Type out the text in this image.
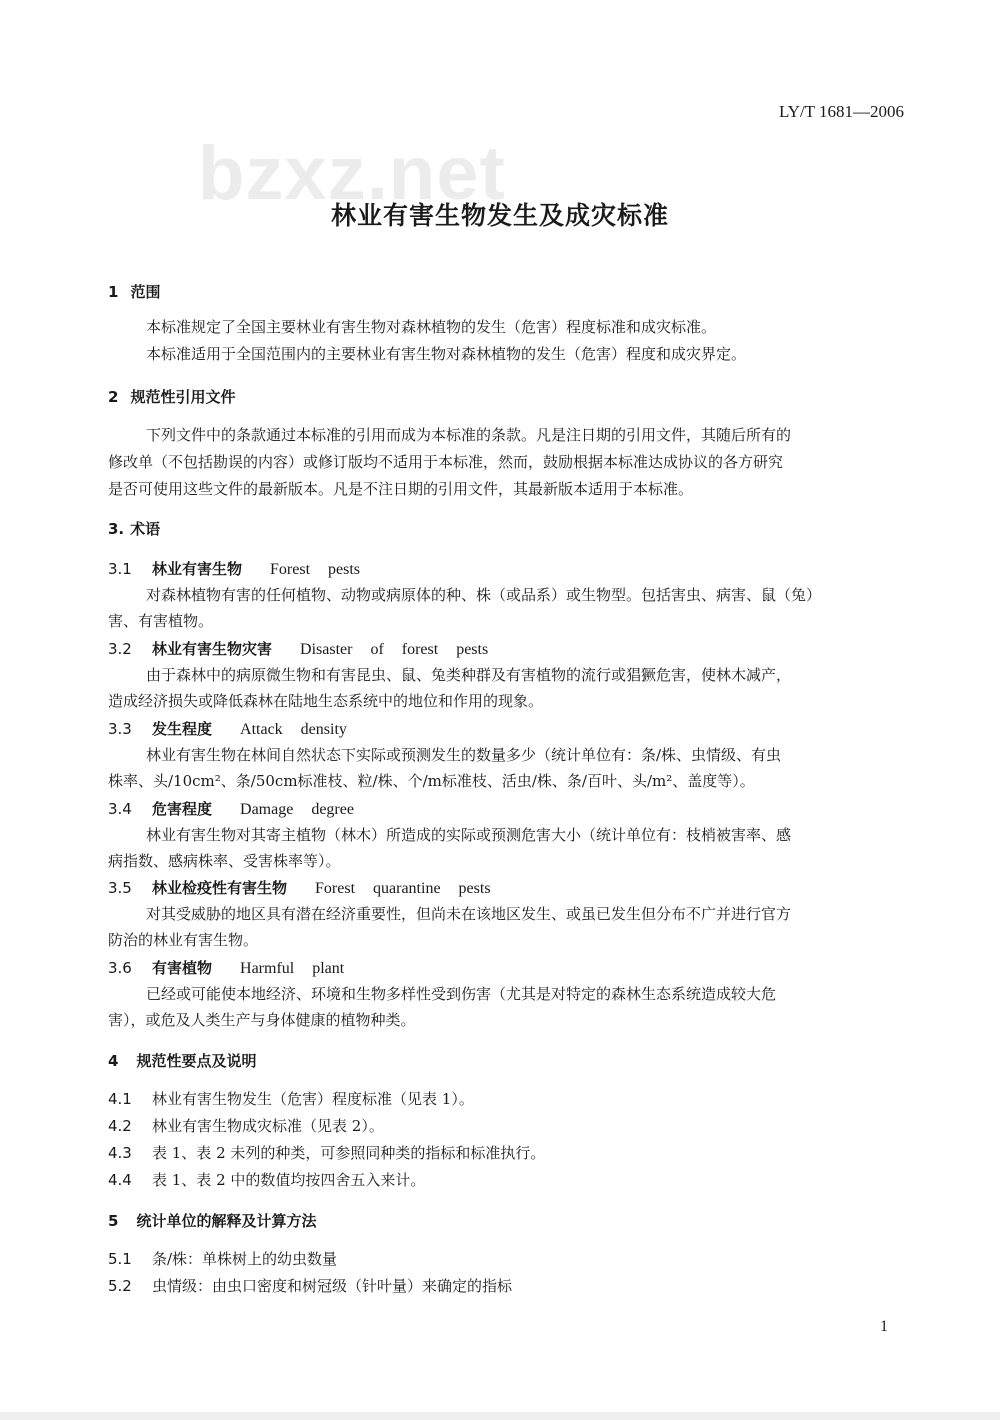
bzxz.net
LY/T 1681—2006
林业有害生物发生及成灾标准
1 范围
本标准规定了全国主要林业有害生物对森林植物的发生（危害）程度标准和成灾标准。
本标准适用于全国范围内的主要林业有害生物对森林植物的发生（危害）程度和成灾界定。
2 规范性引用文件
下列文件中的条款通过本标准的引用而成为本标准的条款。凡是注日期的引用文件，其随后所有的
修改单（不包括勘误的内容）或修订版均不适用于本标准，然而，鼓励根据本标准达成协议的各方研究
是否可使用这些文件的最新版本。凡是不注日期的引用文件，其最新版本适用于本标准。
3. 术语
3.1 林业有害生物 Forest pests
对森林植物有害的任何植物、动物或病原体的种、株（或品系）或生物型。包括害虫、病害、鼠（兔）
害、有害植物。
3.2 林业有害生物灾害 Disaster of forest pests
由于森林中的病原微生物和有害昆虫、鼠、兔类种群及有害植物的流行或猖獗危害，使林木减产，
造成经济损失或降低森林在陆地生态系统中的地位和作用的现象。
3.3 发生程度 Attack density
林业有害生物在林间自然状态下实际或预测发生的数量多少（统计单位有：条/株、虫情级、有虫
株率、头/10cm²、条/50cm标准枝、粒/株、个/m标准枝、活虫/株、条/百叶、头/m²、盖度等）。
3.4 危害程度 Damage degree
林业有害生物对其寄主植物（林木）所造成的实际或预测危害大小（统计单位有：枝梢被害率、感
病指数、感病株率、受害株率等）。
3.5 林业检疫性有害生物 Forest quarantine pests
对其受威胁的地区具有潜在经济重要性，但尚未在该地区发生、或虽已发生但分布不广并进行官方
防治的林业有害生物。
3.6 有害植物 Harmful plant
已经或可能使本地经济、环境和生物多样性受到伤害（尤其是对特定的森林生态系统造成较大危
害），或危及人类生产与身体健康的植物种类。
4 规范性要点及说明
4.1 林业有害生物发生（危害）程度标准（见表 1）。
4.2 林业有害生物成灾标准（见表 2）。
4.3 表 1、表 2 未列的种类，可参照同种类的指标和标准执行。
4.4 表 1、表 2 中的数值均按四舍五入来计。
5 统计单位的解释及计算方法
5.1 条/株：单株树上的幼虫数量
5.2 虫情级：由虫口密度和树冠级（针叶量）来确定的指标
1
